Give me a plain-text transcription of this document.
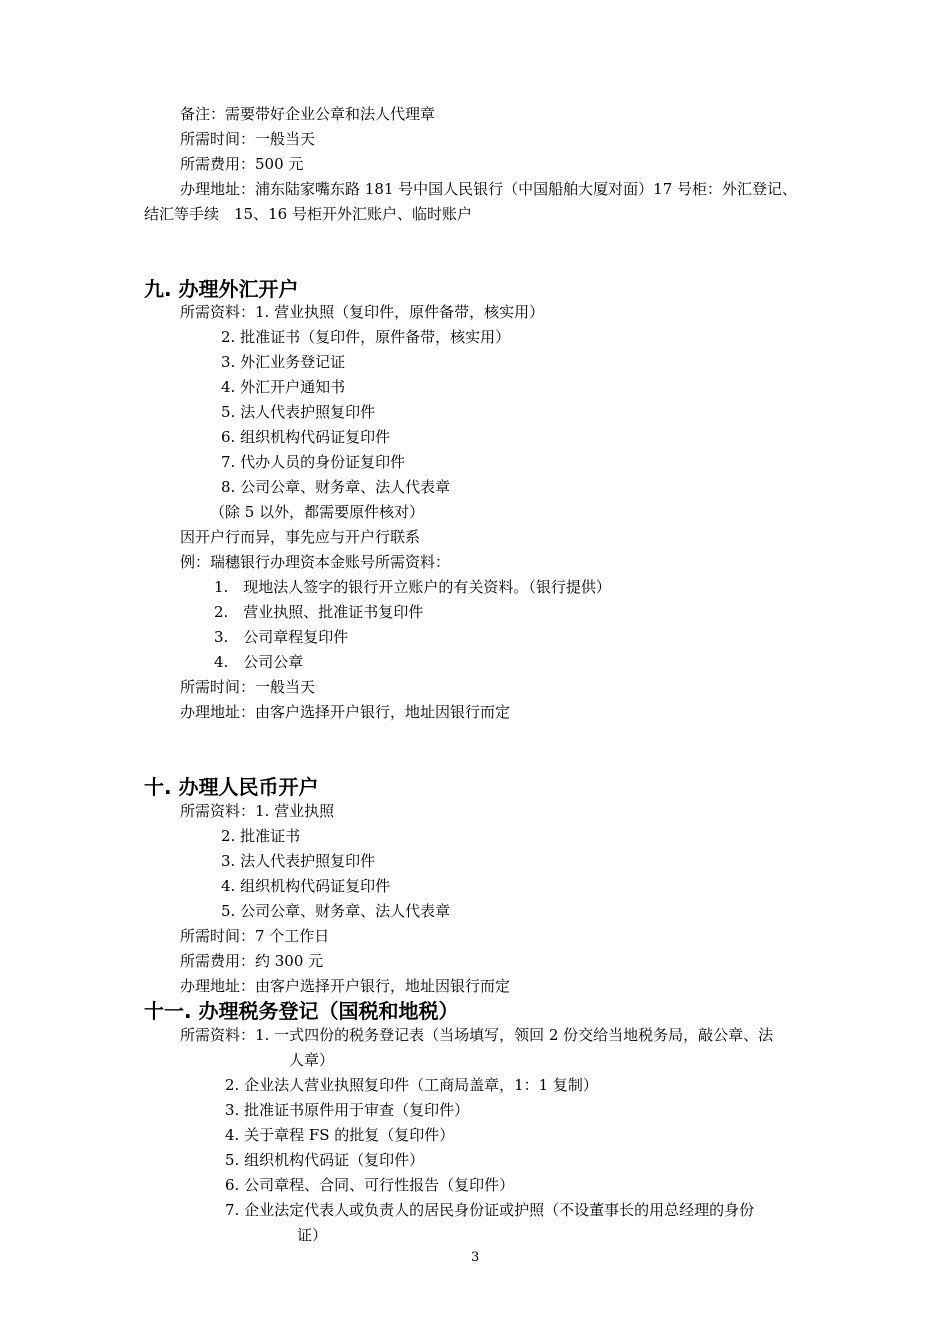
备注：需要带好企业公章和法人代理章
所需时间：一般当天
所需费用：500 元
办理地址：浦东陆家嘴东路 181 号中国人民银行（中国船舶大厦对面）17 号柜：外汇登记、
结汇等手续　15、16 号柜开外汇账户、临时账户
九. 办理外汇开户
所需资料：1. 营业执照（复印件，原件备带，核实用）
2. 批准证书（复印件，原件备带，核实用）
3. 外汇业务登记证
4. 外汇开户通知书
5. 法人代表护照复印件
6. 组织机构代码证复印件
7. 代办人员的身份证复印件
8. 公司公章、财务章、法人代表章
（除 5 以外，都需要原件核对）
因开户行而异，事先应与开户行联系
例：瑞穗银行办理资本金账号所需资料：
1.　现地法人签字的银行开立账户的有关资料。（银行提供）
2.　营业执照、批准证书复印件
3.　公司章程复印件
4.　公司公章
所需时间：一般当天
办理地址：由客户选择开户银行，地址因银行而定
十. 办理人民币开户
所需资料：1. 营业执照
2. 批准证书
3. 法人代表护照复印件
4. 组织机构代码证复印件
5. 公司公章、财务章、法人代表章
所需时间：7 个工作日
所需费用：约 300 元
办理地址：由客户选择开户银行，地址因银行而定
十一. 办理税务登记（国税和地税）
所需资料：1. 一式四份的税务登记表（当场填写，领回 2 份交给当地税务局，敲公章、法
人章）
2. 企业法人营业执照复印件（工商局盖章，1：1 复制）
3. 批准证书原件用于审查（复印件）
4. 关于章程 FS 的批复（复印件）
5. 组织机构代码证（复印件）
6. 公司章程、合同、可行性报告（复印件）
7. 企业法定代表人或负责人的居民身份证或护照（不设董事长的用总经理的身份
证）
3
